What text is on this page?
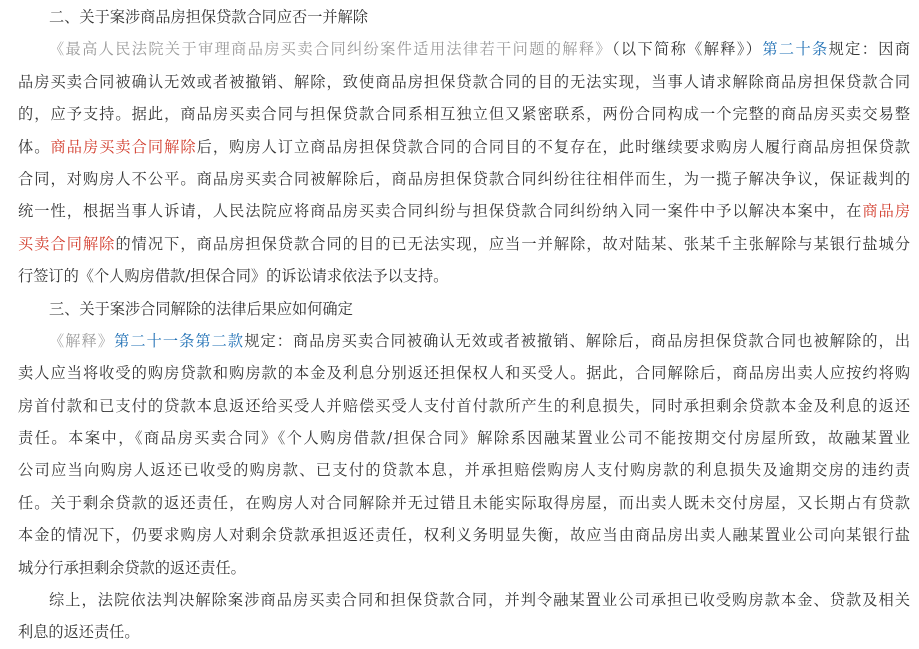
二、关于案涉商品房担保贷款合同应否一并解除
《最高人民法院关于审理商品房买卖合同纠纷案件适用法律若干问题的解释》（以下简称《解释》）第二十条规定：因商
品房买卖合同被确认无效或者被撤销、解除，致使商品房担保贷款合同的目的无法实现，当事人请求解除商品房担保贷款合同
的，应予支持。据此，商品房买卖合同与担保贷款合同系相互独立但又紧密联系，两份合同构成一个完整的商品房买卖交易整
体。商品房买卖合同解除后，购房人订立商品房担保贷款合同的合同目的不复存在，此时继续要求购房人履行商品房担保贷款
合同，对购房人不公平。商品房买卖合同被解除后，商品房担保贷款合同纠纷往往相伴而生，为一揽子解决争议，保证裁判的
统一性，根据当事人诉请，人民法院应将商品房买卖合同纠纷与担保贷款合同纠纷纳入同一案件中予以解决本案中，在商品房
买卖合同解除的情况下，商品房担保贷款合同的目的已无法实现，应当一并解除，故对陆某、张某千主张解除与某银行盐城分
行签订的《个人购房借款/担保合同》的诉讼请求依法予以支持。
三、关于案涉合同解除的法律后果应如何确定
《解释》第二十一条第二款规定：商品房买卖合同被确认无效或者被撤销、解除后，商品房担保贷款合同也被解除的，出
卖人应当将收受的购房贷款和购房款的本金及利息分别返还担保权人和买受人。据此，合同解除后，商品房出卖人应按约将购
房首付款和已支付的贷款本息返还给买受人并赔偿买受人支付首付款所产生的利息损失，同时承担剩余贷款本金及利息的返还
责任。本案中，《商品房买卖合同》《个人购房借款/担保合同》解除系因融某置业公司不能按期交付房屋所致，故融某置业
公司应当向购房人返还已收受的购房款、已支付的贷款本息，并承担赔偿购房人支付购房款的利息损失及逾期交房的违约责
任。关于剩余贷款的返还责任，在购房人对合同解除并无过错且未能实际取得房屋，而出卖人既未交付房屋，又长期占有贷款
本金的情况下，仍要求购房人对剩余贷款承担返还责任，权利义务明显失衡，故应当由商品房出卖人融某置业公司向某银行盐
城分行承担剩余贷款的返还责任。
综上，法院依法判决解除案涉商品房买卖合同和担保贷款合同，并判令融某置业公司承担已收受购房款本金、贷款及相关
利息的返还责任。
